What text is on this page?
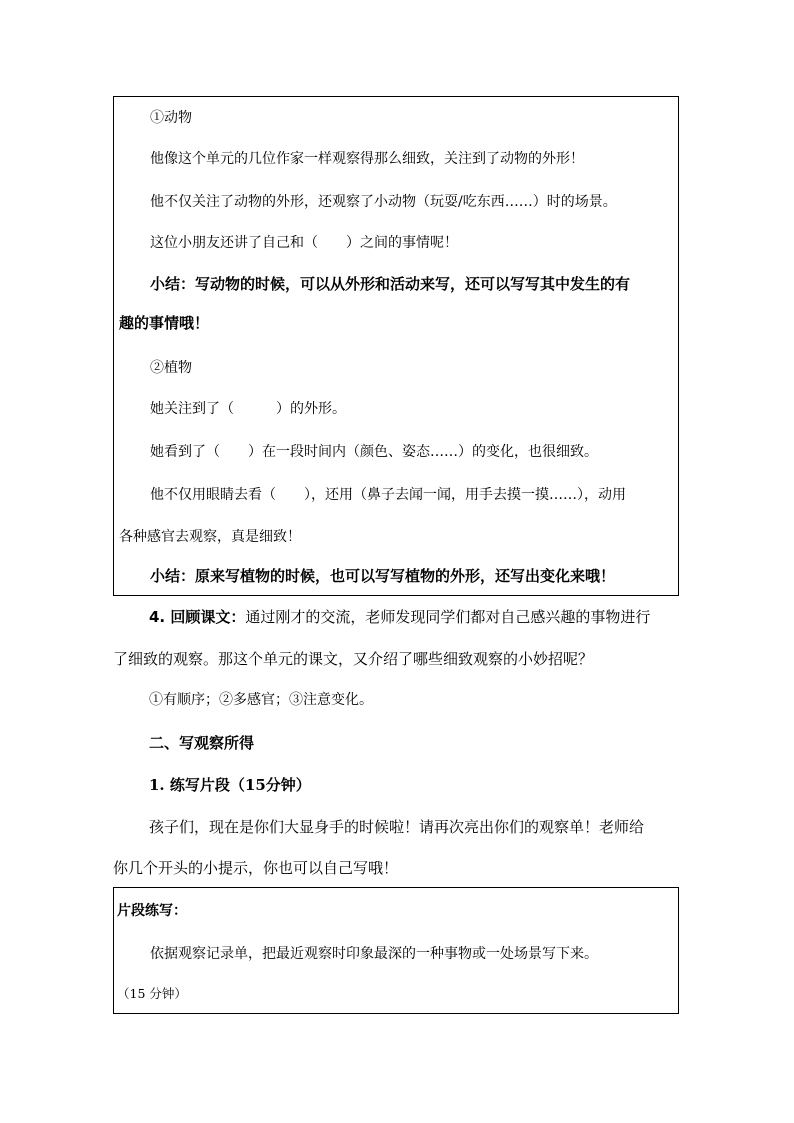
①动物

他像这个单元的几位作家一样观察得那么细致，关注到了动物的外形！

他不仅关注了动物的外形，还观察了小动物（玩耍/吃东西……）时的场景。

这位小朋友还讲了自己和（　　）之间的事情呢！

小结：写动物的时候，可以从外形和活动来写，还可以写写其中发生的有

趣的事情哦！

②植物

她关注到了（　　　）的外形。

她看到了（　　）在一段时间内（颜色、姿态……）的变化，也很细致。

他不仅用眼睛去看（　　），还用（鼻子去闻一闻，用手去摸一摸……），动用

各种感官去观察，真是细致！

小结：原来写植物的时候，也可以写写植物的外形，还写出变化来哦！

4. 回顾课文：通过刚才的交流，老师发现同学们都对自己感兴趣的事物进行

了细致的观察。那这个单元的课文，又介绍了哪些细致观察的小妙招呢？

①有顺序；②多感官；③注意变化。

二、写观察所得

1. 练写片段（15分钟）

孩子们，现在是你们大显身手的时候啦！请再次亮出你们的观察单！老师给

你几个开头的小提示，你也可以自己写哦！

片段练写：

依据观察记录单，把最近观察时印象最深的一种事物或一处场景写下来。

（15 分钟）
